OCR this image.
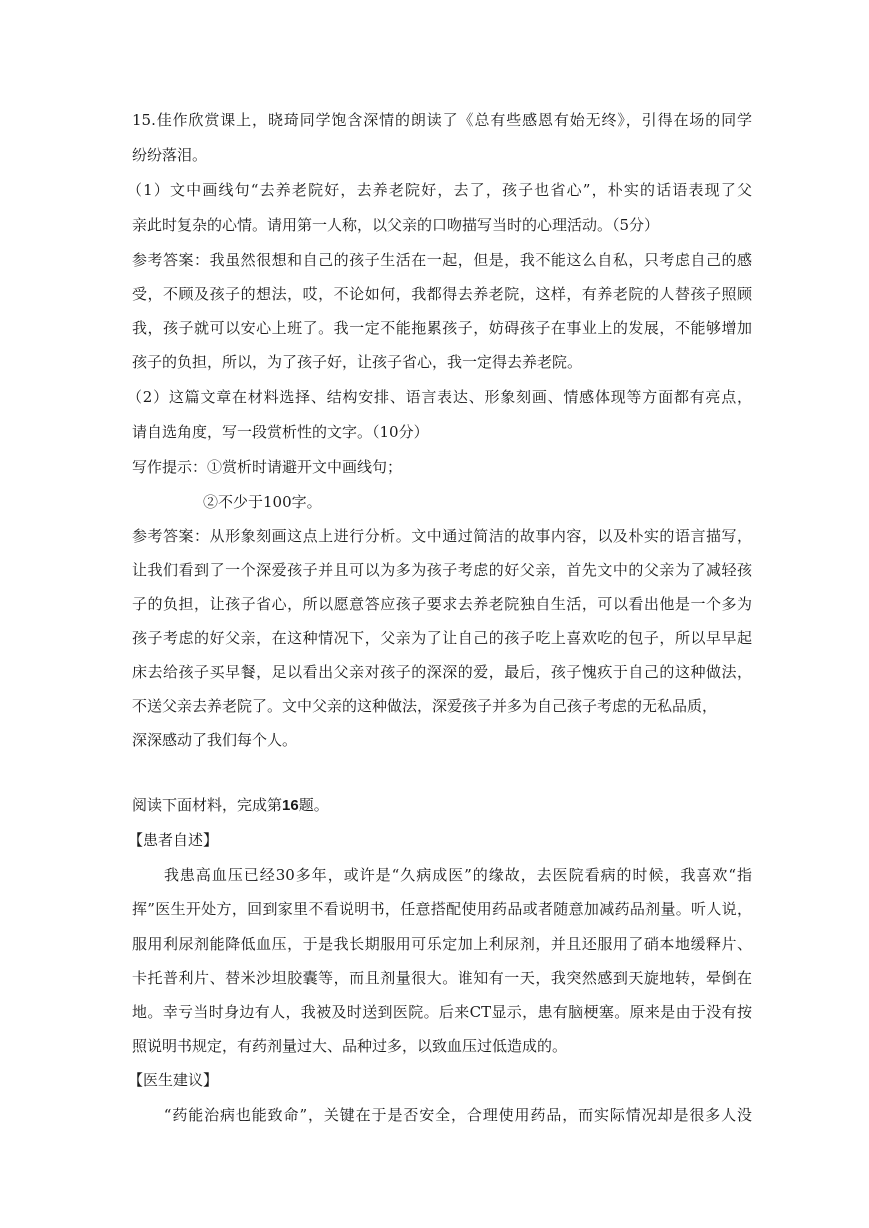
15.佳作欣赏课上，晓琦同学饱含深情的朗读了《总有些感恩有始无终》，引得在场的同学
纷纷落泪。
（1）文中画线句“去养老院好，去养老院好，去了，孩子也省心”，朴实的话语表现了父
亲此时复杂的心情。请用第一人称，以父亲的口吻描写当时的心理活动。（5分）
参考答案：我虽然很想和自己的孩子生活在一起，但是，我不能这么自私，只考虑自己的感
受，不顾及孩子的想法，哎，不论如何，我都得去养老院，这样，有养老院的人替孩子照顾
我，孩子就可以安心上班了。我一定不能拖累孩子，妨碍孩子在事业上的发展，不能够增加
孩子的负担，所以，为了孩子好，让孩子省心，我一定得去养老院。
（2）这篇文章在材料选择、结构安排、语言表达、形象刻画、情感体现等方面都有亮点，
请自选角度，写一段赏析性的文字。（10分）
写作提示：①赏析时请避开文中画线句；
②不少于100字。
参考答案：从形象刻画这点上进行分析。文中通过简洁的故事内容，以及朴实的语言描写，
让我们看到了一个深爱孩子并且可以为多为孩子考虑的好父亲，首先文中的父亲为了减轻孩
子的负担，让孩子省心，所以愿意答应孩子要求去养老院独自生活，可以看出他是一个多为
孩子考虑的好父亲，在这种情况下，父亲为了让自己的孩子吃上喜欢吃的包子，所以早早起
床去给孩子买早餐，足以看出父亲对孩子的深深的爱，最后，孩子愧疚于自己的这种做法，
不送父亲去养老院了。文中父亲的这种做法，深爱孩子并多为自己孩子考虑的无私品质，
深深感动了我们每个人。
阅读下面材料，完成第16题。
【患者自述】
　　我患高血压已经30多年，或许是“久病成医”的缘故，去医院看病的时候，我喜欢“指
挥”医生开处方，回到家里不看说明书，任意搭配使用药品或者随意加减药品剂量。听人说，
服用利尿剂能降低血压，于是我长期服用可乐定加上利尿剂，并且还服用了硝本地缓释片、
卡托普利片、替米沙坦胶囊等，而且剂量很大。谁知有一天，我突然感到天旋地转，晕倒在
地。幸亏当时身边有人，我被及时送到医院。后来CT显示，患有脑梗塞。原来是由于没有按
照说明书规定，有药剂量过大、品种过多，以致血压过低造成的。
【医生建议】
　　“药能治病也能致命”，关键在于是否安全，合理使用药品，而实际情况却是很多人没
